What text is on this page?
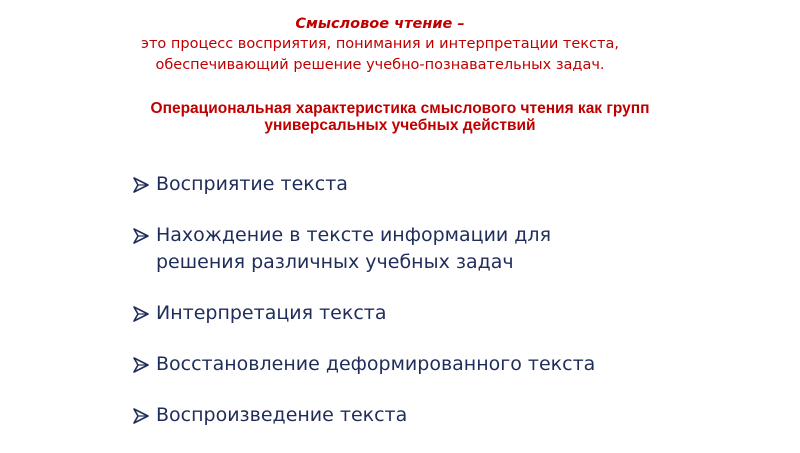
Смысловое чтение –
это процесс восприятия, понимания и интерпретации текста,
обеспечивающий решение учебно-познавательных задач.
Операциональная характеристика смыслового чтения как групп
универсальных учебных действий
Восприятие текста
Нахождение в тексте информации для решения различных учебных задач
Интерпретация текста
Восстановление деформированного текста
Воспроизведение текста
